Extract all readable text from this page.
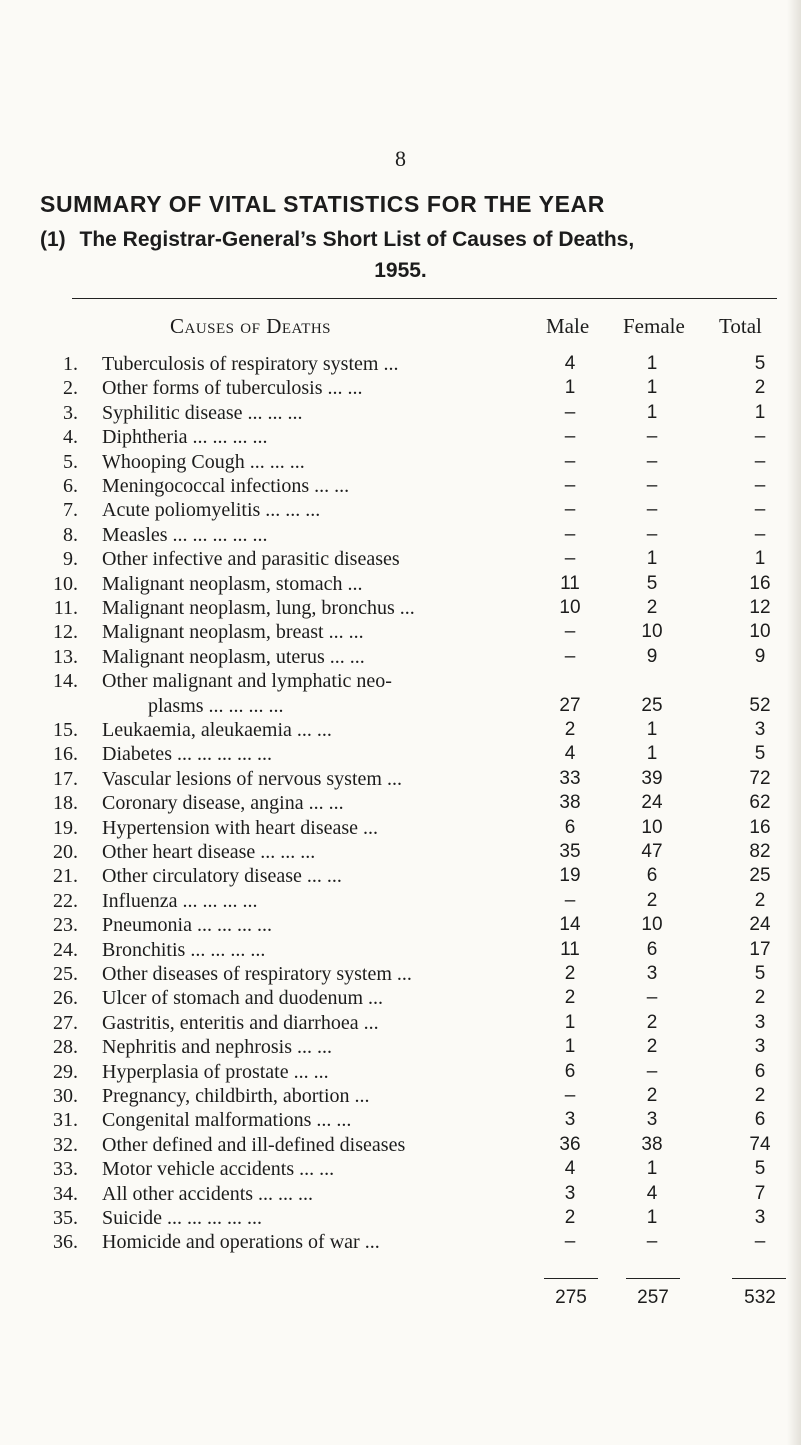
8
SUMMARY OF VITAL STATISTICS FOR THE YEAR
(1) The Registrar-General’s Short List of Causes of Deaths,
1955.
Causes of Deaths	Male Female Total
1. Tuberculosis of respiratory system ...	4	1	5
2. Other forms of tuberculosis ... ...	1	1	2
3. Syphilitic disease ... ... ...	–	1	1
4. Diphtheria ... ... ... ...	–	–	–
5. Whooping Cough ... ... ...	–	–	–
6. Meningococcal infections ... ...	–	–	–
7. Acute poliomyelitis ... ... ...	–	–	–
8. Measles ... ... ... ... ...	–	–	–
9. Other infective and parasitic diseases	–	1	1
10. Malignant neoplasm, stomach ...	11	5	16
11. Malignant neoplasm, lung, bronchus ...	10	2	12
12. Malignant neoplasm, breast ... ...	–	10	10
13. Malignant neoplasm, uterus ... ...	–	9	9
14. Other malignant and lymphatic neo-
plasms ... ... ... ...	27	25	52
15. Leukaemia, aleukaemia ... ...	2	1	3
16. Diabetes ... ... ... ... ...	4	1	5
17. Vascular lesions of nervous system ...	33	39	72
18. Coronary disease, angina ... ...	38	24	62
19. Hypertension with heart disease ...	6	10	16
20. Other heart disease ... ... ...	35	47	82
21. Other circulatory disease ... ...	19	6	25
22. Influenza ... ... ... ...	–	2	2
23. Pneumonia ... ... ... ...	14	10	24
24. Bronchitis ... ... ... ...	11	6	17
25. Other diseases of respiratory system ...	2	3	5
26. Ulcer of stomach and duodenum ...	2	–	2
27. Gastritis, enteritis and diarrhoea ...	1	2	3
28. Nephritis and nephrosis ... ...	1	2	3
29. Hyperplasia of prostate ... ...	6	–	6
30. Pregnancy, childbirth, abortion ...	–	2	2
31. Congenital malformations ... ...	3	3	6
32. Other defined and ill-defined diseases	36	38	74
33. Motor vehicle accidents ... ...	4	1	5
34. All other accidents ... ... ...	3	4	7
35. Suicide ... ... ... ... ...	2	1	3
36. Homicide and operations of war ...	–	–	–
275	257	532
